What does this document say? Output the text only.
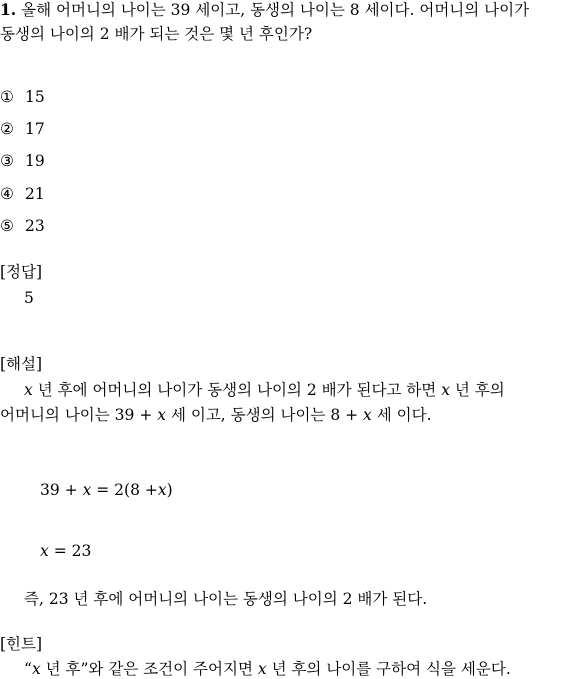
1. 올해 어머니의 나이는 39 세이고, 동생의 나이는 8 세이다. 어머니의 나이가
동생의 나이의 2 배가 되는 것은 몇 년 후인가?
① 15
② 17
③ 19
④ 21
⑤ 23
[정답]
5
[해설]
x 년 후에 어머니의 나이가 동생의 나이의 2 배가 된다고 하면 x 년 후의
어머니의 나이는 39 + x 세 이고, 동생의 나이는 8 + x 세 이다.
39 + x = 2(8 +x)
x = 23
즉, 23 년 후에 어머니의 나이는 동생의 나이의 2 배가 된다.
[힌트]
“x 년 후”와 같은 조건이 주어지면 x 년 후의 나이를 구하여 식을 세운다.
